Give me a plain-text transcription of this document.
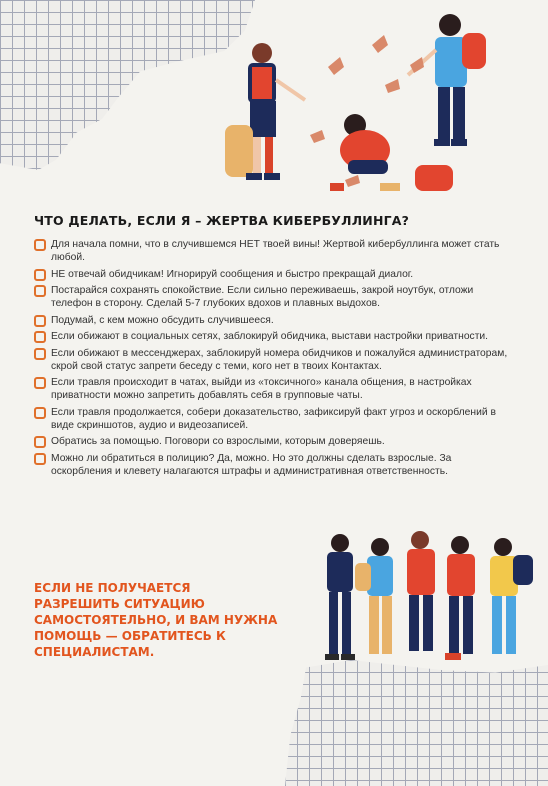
ЧТО ДЕЛАТЬ, ЕСЛИ Я – ЖЕРТВА КИБЕРБУЛЛИНГА?
Для начала помни, что в случившемся НЕТ твоей вины! Жертвой кибербуллинга может стать любой.
НЕ отвечай обидчикам! Игнорируй сообщения и быстро прекращай диалог.
Постарайся сохранять спокойствие. Если сильно переживаешь, закрой ноутбук, отложи телефон в сторону. Сделай 5-7 глубоких вдохов и плавных выдохов.
Подумай, с кем можно обсудить случившееся.
Если обижают в социальных сетях, заблокируй обидчика, выстави настройки приватности.
Если обижают в мессенджерах, заблокируй номера обидчиков и пожалуйся администраторам, скрой свой статус запрети беседу с теми, кого нет в твоих Контактах.
Если травля происходит в чатах, выйди из «токсичного» канала общения, в настройках приватности можно запретить добавлять себя в групповые чаты.
Если травля продолжается, собери доказательство, зафиксируй факт угроз и оскорблений в виде скриншотов, аудио и видеозаписей.
Обратись за помощью. Поговори со взрослыми, которым доверяешь.
Можно ли обратиться в полицию? Да, можно. Но это должны сделать взрослые. За оскорбления и клевету налагаются штрафы и административная ответственность.

ЕСЛИ НЕ ПОЛУЧАЕТСЯ РАЗРЕШИТЬ СИТУАЦИЮ САМОСТОЯТЕЛЬНО, И ВАМ НУЖНА ПОМОЩЬ — ОБРАТИТЕСЬ К СПЕЦИАЛИСТАМ.
